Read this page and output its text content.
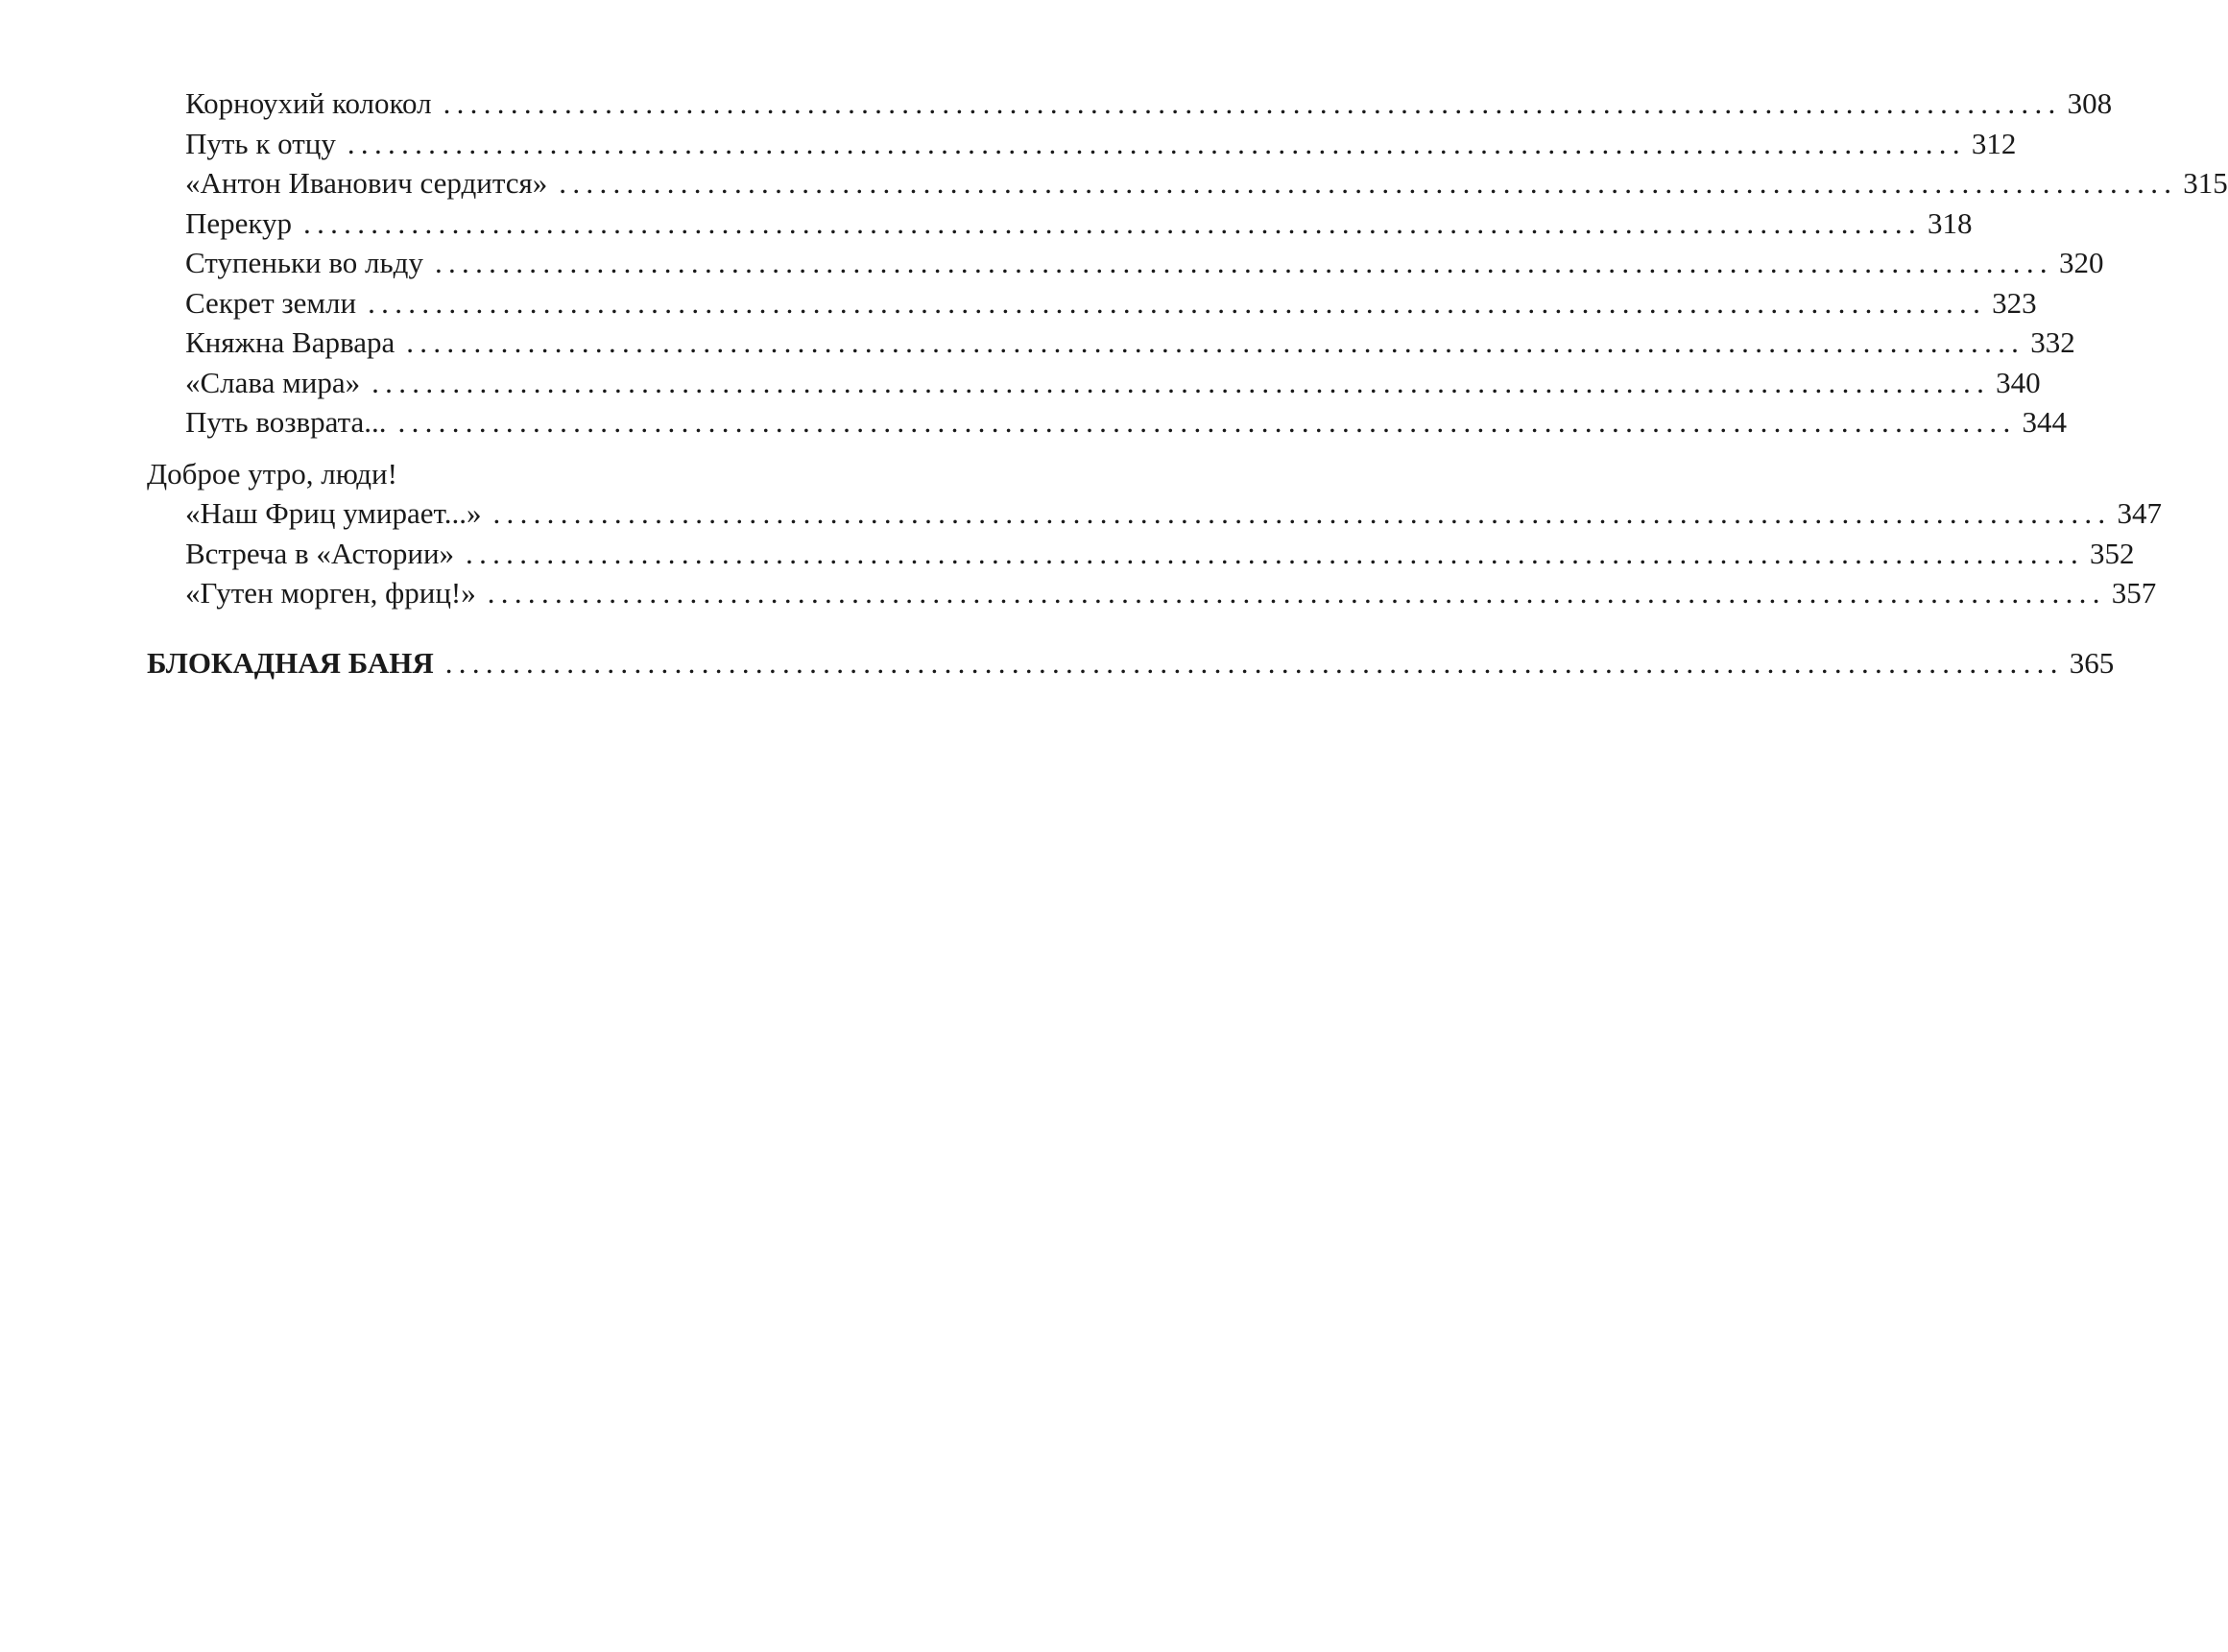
Корноухий колокол ........................................................................................................................ 308
Путь к отцу ........................................................................................................................ 312
«Антон Иванович сердится» ........................................................................................................................ 315
Перекур ........................................................................................................................ 318
Ступеньки во льду ........................................................................................................................ 320
Секрет земли ........................................................................................................................ 323
Княжна Варвара ........................................................................................................................ 332
«Слава мира» ........................................................................................................................ 340
Путь возврата... ........................................................................................................................ 344
Доброе утро, люди!
«Наш Фриц умирает...» ........................................................................................................................ 347
Встреча в «Астории» ........................................................................................................................ 352
«Гутен морген, фриц!» ........................................................................................................................ 357
БЛОКАДНАЯ БАНЯ ........................................................................................................................ 365
